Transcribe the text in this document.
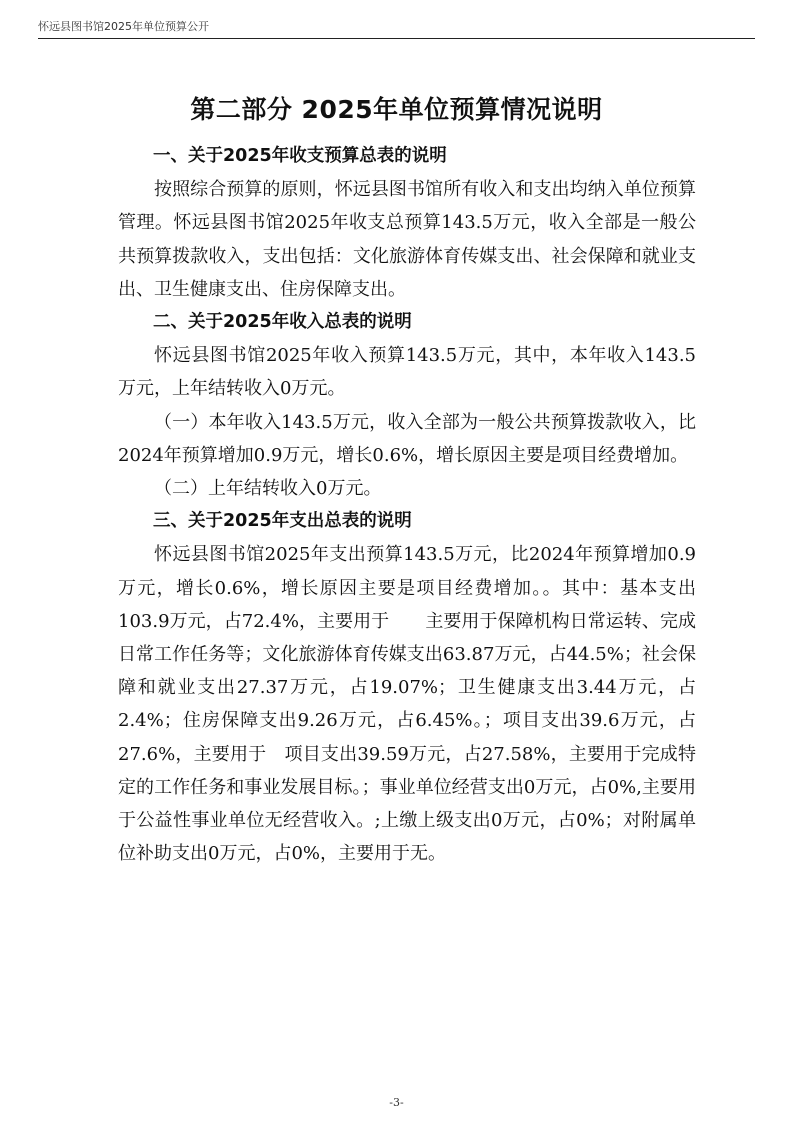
怀远县图书馆2025年单位预算公开
第二部分 2025年单位预算情况说明

一、关于2025年收支预算总表的说明

按照综合预算的原则，怀远县图书馆所有收入和支出均纳入单位预算管理。怀远县图书馆2025年收支总预算143.5万元，收入全部是一般公共预算拨款收入，支出包括：文化旅游体育传媒支出、社会保障和就业支出、卫生健康支出、住房保障支出。

二、关于2025年收入总表的说明

怀远县图书馆2025年收入预算143.5万元，其中，本年收入143.5万元，上年结转收入0万元。

（一）本年收入143.5万元，收入全部为一般公共预算拨款收入，比2024年预算增加0.9万元，增长0.6%，增长原因主要是项目经费增加。

（二）上年结转收入0万元。

三、关于2025年支出总表的说明

怀远县图书馆2025年支出预算143.5万元，比2024年预算增加0.9万元，增长0.6%，增长原因主要是项目经费增加。。其中：基本支出103.9万元，占72.4%，主要用于　　主要用于保障机构日常运转、完成日常工作任务等；文化旅游体育传媒支出63.87万元，占44.5%；社会保障和就业支出27.37万元，占19.07%；卫生健康支出3.44万元，占2.4%；住房保障支出9.26万元，占6.45%。；项目支出39.6万元，占27.6%，主要用于　项目支出39.59万元，占27.58%，主要用于完成特定的工作任务和事业发展目标。；事业单位经营支出0万元，占0%,主要用于公益性事业单位无经营收入。;上缴上级支出0万元，占0%；对附属单位补助支出0万元，占0%，主要用于无。

-3-
